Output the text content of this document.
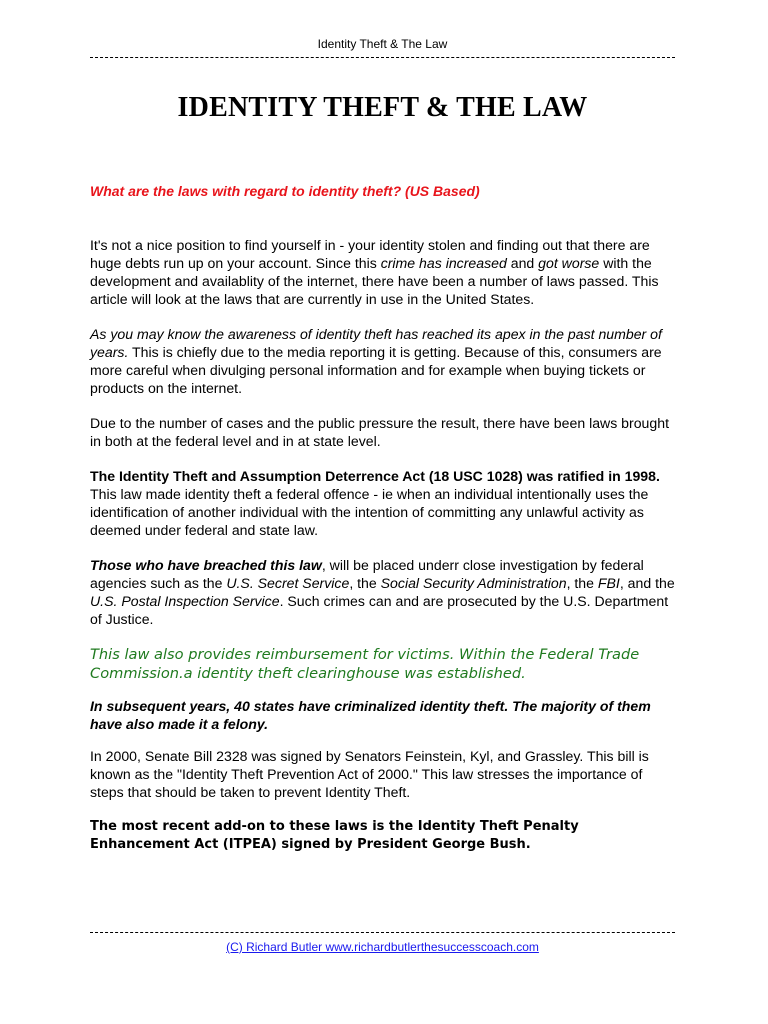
Identity Theft & The Law
IDENTITY THEFT & THE LAW

What are the laws with regard to identity theft? (US Based)

It's not a nice position to find yourself in - your identity stolen and finding out that there are huge debts run up on your account. Since this crime has increased and got worse with the development and availablity of the internet, there have been a number of laws passed. This article will look at the laws that are currently in use in the United States.

As you may know the awareness of identity theft has reached its apex in the past number of years. This is chiefly due to the media reporting it is getting. Because of this, consumers are more careful when divulging personal information and for example when buying tickets or products on the internet.

Due to the number of cases and the public pressure the result, there have been laws brought in both at the federal level and in at state level.

The Identity Theft and Assumption Deterrence Act (18 USC 1028) was ratified in 1998. This law made identity theft a federal offence - ie when an individual intentionally uses the identification of another individual with the intention of committing any unlawful activity as deemed under federal and state law.

Those who have breached this law, will be placed underr close investigation by federal agencies such as the U.S. Secret Service, the Social Security Administration, the FBI, and the U.S. Postal Inspection Service. Such crimes can and are prosecuted by the U.S. Department of Justice.

This law also provides reimbursement for victims. Within the Federal Trade Commission.a identity theft clearinghouse was established.

In subsequent years, 40 states have criminalized identity theft. The majority of them have also made it a felony.

In 2000, Senate Bill 2328 was signed by Senators Feinstein, Kyl, and Grassley. This bill is known as the "Identity Theft Prevention Act of 2000." This law stresses the importance of steps that should be taken to prevent Identity Theft.

The most recent add-on to these laws is the Identity Theft Penalty Enhancement Act (ITPEA) signed by President George Bush.

(C) Richard Butler www.richardbutlerthesuccesscoach.com
